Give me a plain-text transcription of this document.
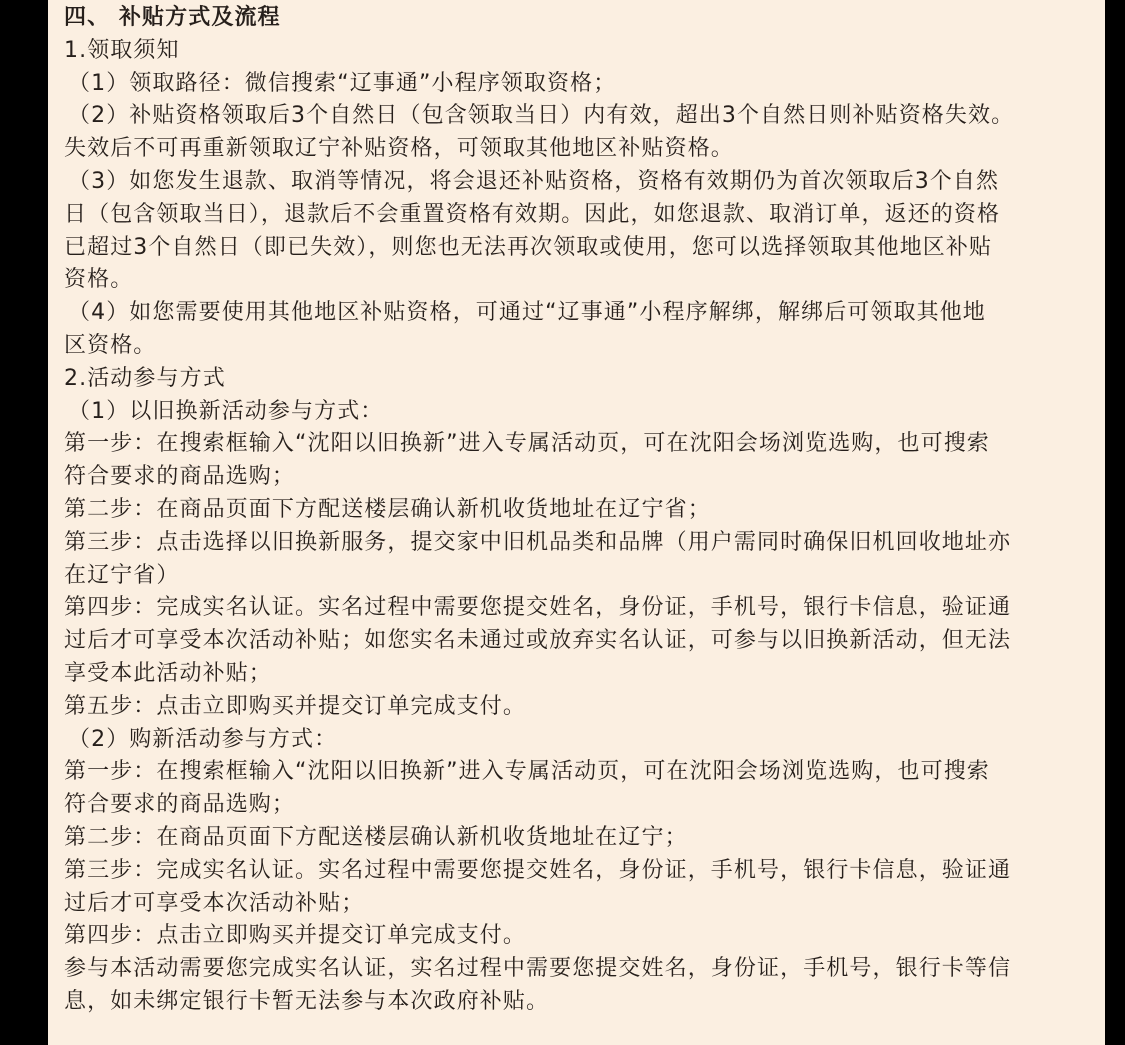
四、 补贴方式及流程
1.领取须知
（1）领取路径：微信搜索“辽事通”小程序领取资格；
（2）补贴资格领取后3个自然日（包含领取当日）内有效，超出3个自然日则补贴资格失效。
失效后不可再重新领取辽宁补贴资格，可领取其他地区补贴资格。
（3）如您发生退款、取消等情况，将会退还补贴资格，资格有效期仍为首次领取后3个自然
日（包含领取当日），退款后不会重置资格有效期。因此，如您退款、取消订单，返还的资格
已超过3个自然日（即已失效），则您也无法再次领取或使用，您可以选择领取其他地区补贴
资格。
（4）如您需要使用其他地区补贴资格，可通过“辽事通”小程序解绑，解绑后可领取其他地
区资格。
2.活动参与方式
（1）以旧换新活动参与方式：
第一步：在搜索框输入“沈阳以旧换新”进入专属活动页，可在沈阳会场浏览选购，也可搜索
符合要求的商品选购；
第二步：在商品页面下方配送楼层确认新机收货地址在辽宁省；
第三步：点击选择以旧换新服务，提交家中旧机品类和品牌（用户需同时确保旧机回收地址亦
在辽宁省）
第四步：完成实名认证。实名过程中需要您提交姓名，身份证，手机号，银行卡信息，验证通
过后才可享受本次活动补贴；如您实名未通过或放弃实名认证，可参与以旧换新活动，但无法
享受本此活动补贴；
第五步：点击立即购买并提交订单完成支付。
（2）购新活动参与方式：
第一步：在搜索框输入“沈阳以旧换新”进入专属活动页，可在沈阳会场浏览选购，也可搜索
符合要求的商品选购；
第二步：在商品页面下方配送楼层确认新机收货地址在辽宁；
第三步：完成实名认证。实名过程中需要您提交姓名，身份证，手机号，银行卡信息，验证通
过后才可享受本次活动补贴；
第四步：点击立即购买并提交订单完成支付。
参与本活动需要您完成实名认证，实名过程中需要您提交姓名，身份证，手机号，银行卡等信
息，如未绑定银行卡暂无法参与本次政府补贴。
